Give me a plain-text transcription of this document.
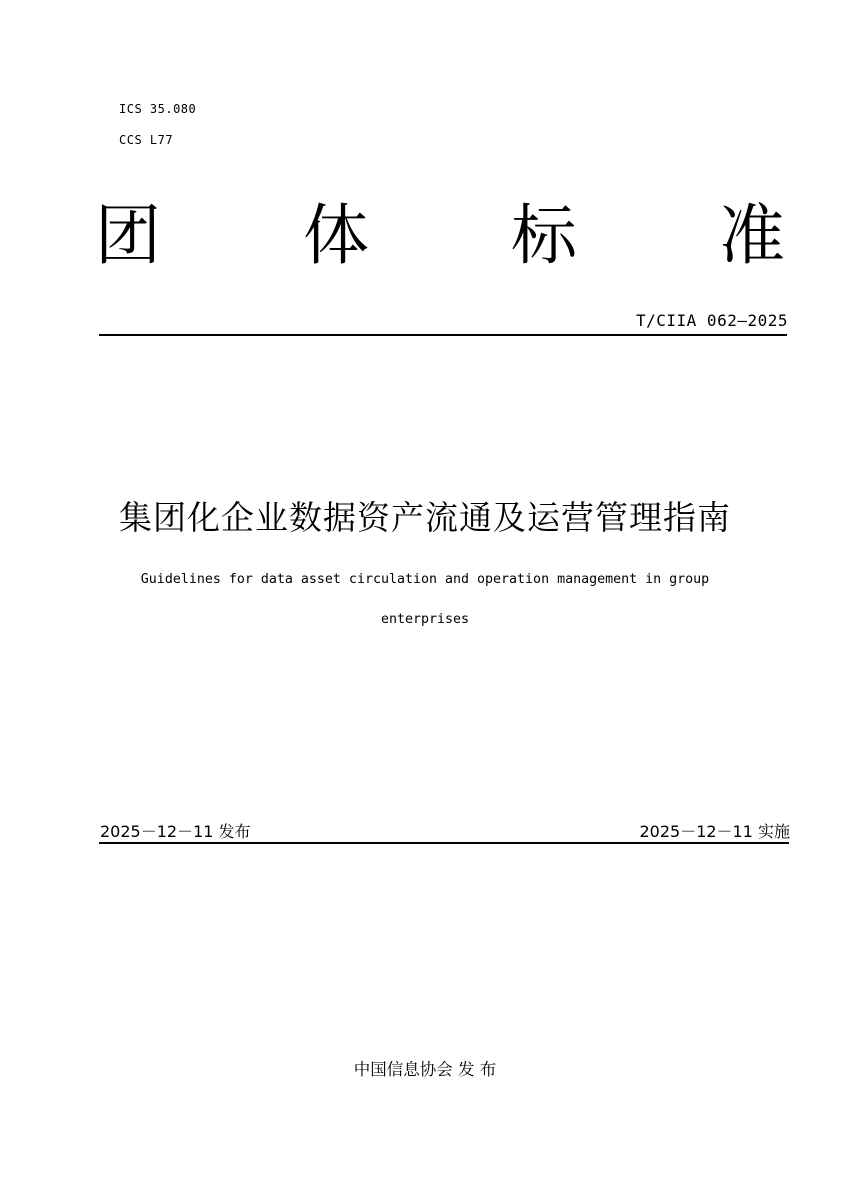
ICS 35.080
CCS L77
团 体 标 准
T/CIIA 062—2025
集团化企业数据资产流通及运营管理指南
Guidelines for data asset circulation and operation management in group
enterprises
2025－12－11 发布	2025－12－11 实施
中国信息协会 发 布
